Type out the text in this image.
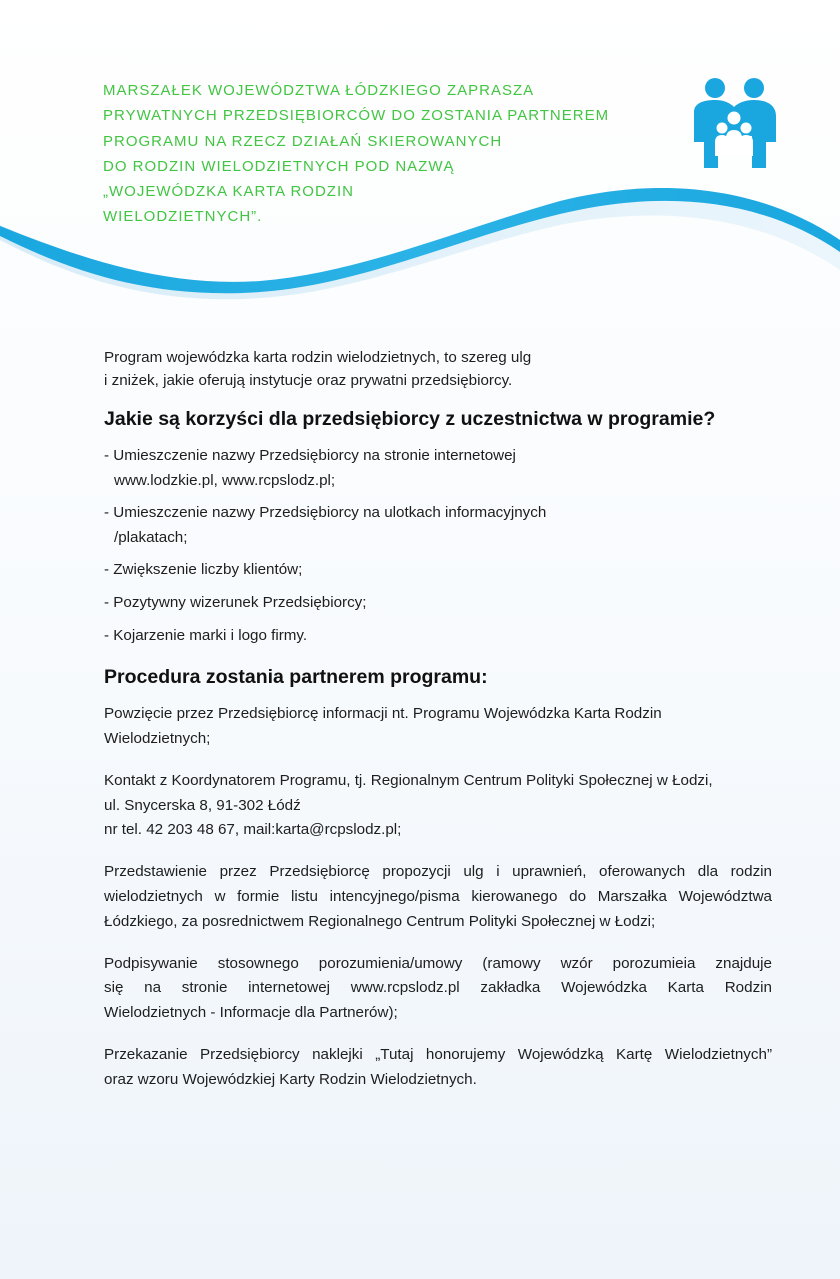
MARSZAŁEK WOJEWÓDZTWA ŁÓDZKIEGO ZAPRASZA
PRYWATNYCH PRZEDSIĘBIORCÓW DO ZOSTANIA PARTNEREM
PROGRAMU NA RZECZ DZIAŁAŃ SKIEROWANYCH
DO RODZIN WIELODZIETNYCH POD NAZWĄ
„WOJEWÓDZKA KARTA RODZIN
WIELODZIETNYCH”.

Program wojewódzka karta rodzin wielodzietnych, to szereg ulg
i zniżek, jakie oferują instytucje oraz prywatni przedsiębiorcy.

Jakie są korzyści dla przedsiębiorcy z uczestnictwa w programie?
- Umieszczenie nazwy Przedsiębiorcy na stronie internetowej
www.lodzkie.pl, www.rcpslodz.pl;
- Umieszczenie nazwy Przedsiębiorcy na ulotkach informacyjnych
/plakatach;
- Zwiększenie liczby klientów;
- Pozytywny wizerunek Przedsiębiorcy;
- Kojarzenie marki i logo firmy.
Procedura zostania partnerem programu:

Powzięcie przez Przedsiębiorcę informacji nt. Programu Wojewódzka Karta Rodzin
Wielodzietnych;

Kontakt z Koordynatorem Programu, tj. Regionalnym Centrum Polityki Społecznej w Łodzi,
ul. Snycerska 8, 91-302 Łódź
nr tel. 42 203 48 67, mail:karta@rcpslodz.pl;

Przedstawienie przez Przedsiębiorcę propozycji ulg i uprawnień, oferowanych dla rodzin
wielodzietnych w formie listu intencyjnego/pisma kierowanego do Marszałka Województwa
Łódzkiego, za posrednictwem Regionalnego Centrum Polityki Społecznej w Łodzi;

Podpisywanie stosownego porozumienia/umowy (ramowy wzór porozumieia znajduje
się na stronie internetowej www.rcpslodz.pl zakładka Wojewódzka Karta Rodzin
Wielodzietnych - Informacje dla Partnerów);

Przekazanie Przedsiębiorcy naklejki „Tutaj honorujemy Wojewódzką Kartę Wielodzietnych”
oraz wzoru Wojewódzkiej Karty Rodzin Wielodzietnych.
